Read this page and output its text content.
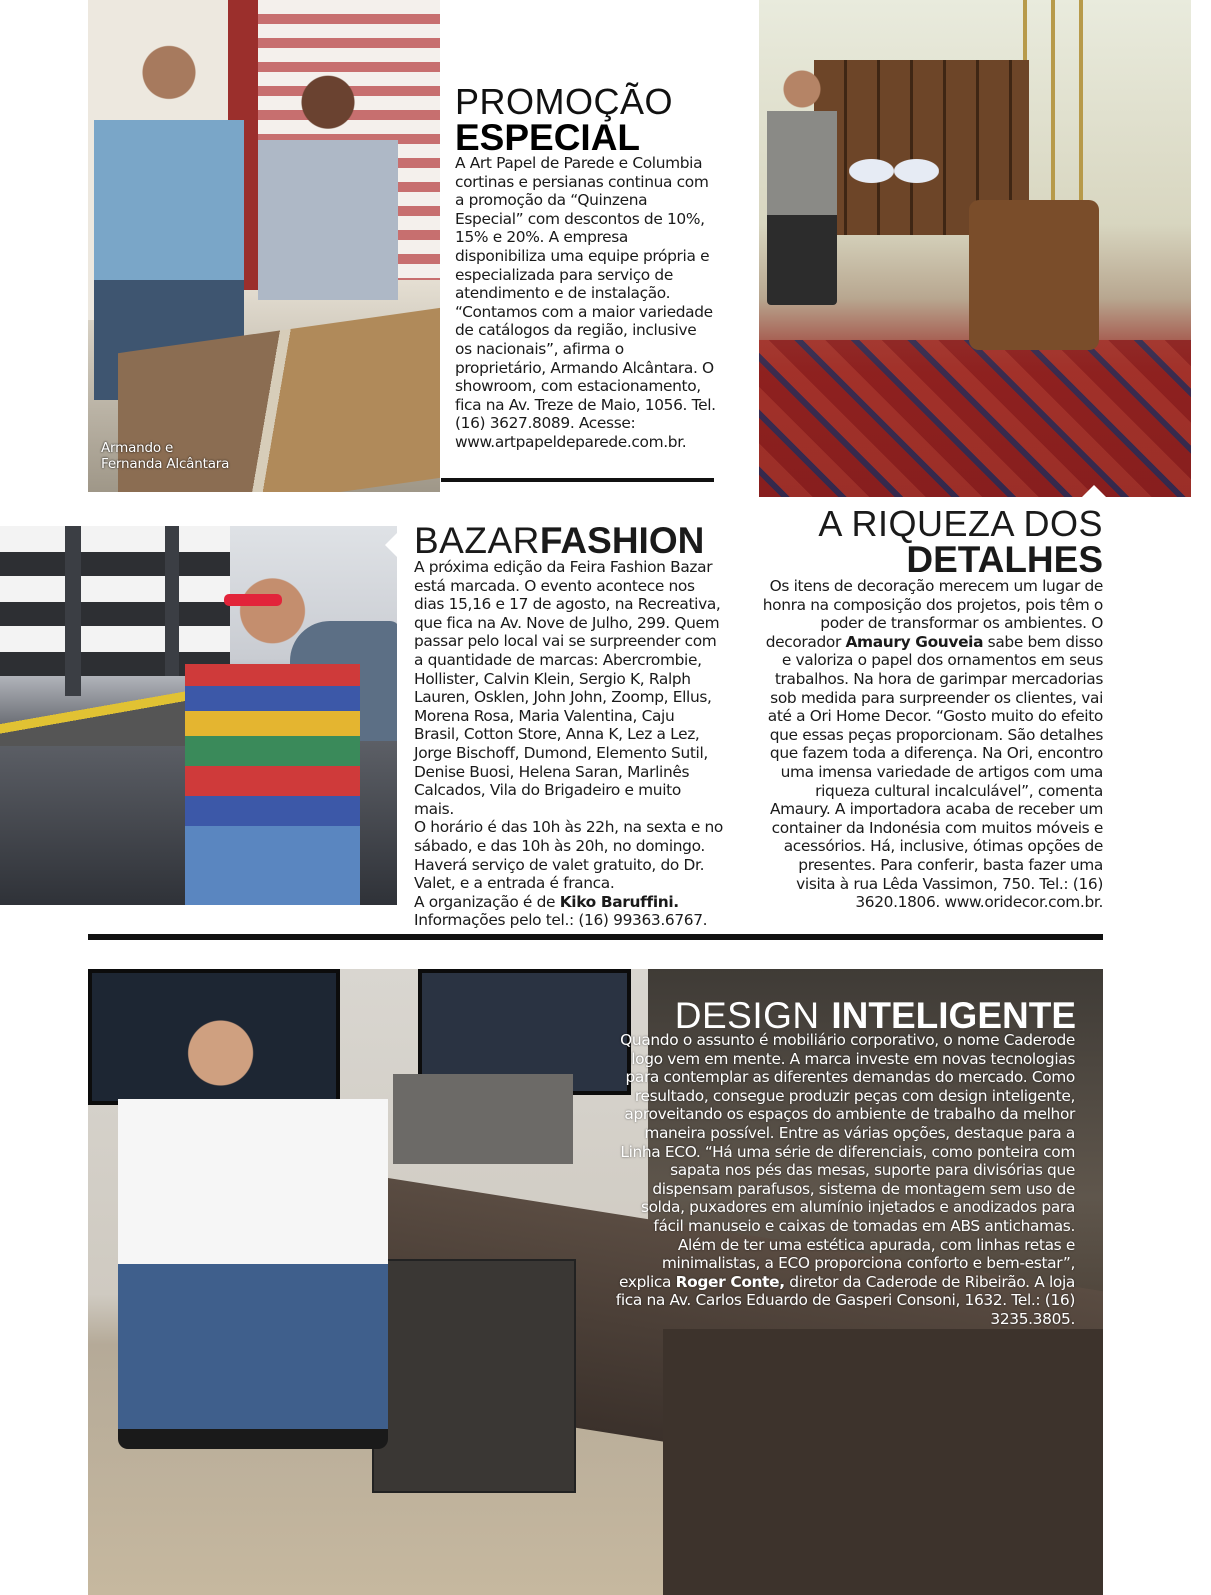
Armando e
Fernanda Alcântara
PROMOÇÃO
ESPECIAL
A Art Papel de Parede e Columbia cortinas e persianas continua com a promoção da “Quinzena Especial” com descontos de 10%, 15% e 20%. A empresa disponibiliza uma equipe própria e especializada para serviço de atendimento e de instalação. “Contamos com a maior variedade de catálogos da região, inclusive os nacionais”, afirma o proprietário, Armando Alcântara. O showroom, com estacionamento, fica na Av. Treze de Maio, 1056. Tel. (16) 3627.8089. Acesse: www.artpapeldeparede.com.br.
A RIQUEZA DOS
DETALHES
Os itens de decoração merecem um lugar de honra na composição dos projetos, pois têm o poder de transformar os ambientes. O decorador Amaury Gouveia sabe bem disso e valoriza o papel dos ornamentos em seus trabalhos. Na hora de garimpar mercadorias sob medida para surpreender os clientes, vai até a Ori Home Decor. “Gosto muito do efeito que essas peças proporcionam. São detalhes que fazem toda a diferença. Na Ori, encontro uma imensa variedade de artigos com uma riqueza cultural incalculável”, comenta Amaury. A importadora acaba de receber um container da Indonésia com muitos móveis e acessórios. Há, inclusive, ótimas opções de presentes. Para conferir, basta fazer uma visita à rua Lêda Vassimon, 750. Tel.: (16) 3620.1806. www.oridecor.com.br.
BAZARFASHION
A próxima edição da Feira Fashion Bazar está marcada. O evento acontece nos dias 15,16 e 17 de agosto, na Recreativa, que fica na Av. Nove de Julho, 299. Quem passar pelo local vai se surpreender com a quantidade de marcas: Abercrombie, Hollister, Calvin Klein, Sergio K, Ralph Lauren, Osklen, John John, Zoomp, Ellus, Morena Rosa, Maria Valentina, Caju Brasil, Cotton Store, Anna K, Lez a Lez, Jorge Bischoff, Dumond, Elemento Sutil, Denise Buosi, Helena Saran, Marlinês Calcados, Vila do Brigadeiro e muito mais.
O horário é das 10h às 22h, na sexta e no sábado, e das 10h às 20h, no domingo. Haverá serviço de valet gratuito, do Dr. Valet, e a entrada é franca.
A organização é de Kiko Baruffini.
Informações pelo tel.: (16) 99363.6767.
DESIGN INTELIGENTE
Quando o assunto é mobiliário corporativo, o nome Caderode logo vem em mente. A marca investe em novas tecnologias para contemplar as diferentes demandas do mercado. Como resultado, consegue produzir peças com design inteligente, aproveitando os espaços do ambiente de trabalho da melhor maneira possível. Entre as várias opções, destaque para a Linha ECO. “Há uma série de diferenciais, como ponteira com sapata nos pés das mesas, suporte para divisórias que dispensam parafusos, sistema de montagem sem uso de solda, puxadores em alumínio injetados e anodizados para fácil manuseio e caixas de tomadas em ABS antichamas. Além de ter uma estética apurada, com linhas retas e minimalistas, a ECO proporciona conforto e bem-estar”, explica Roger Conte, diretor da Caderode de Ribeirão. A loja fica na Av. Carlos Eduardo de Gasperi Consoni, 1632. Tel.: (16) 3235.3805.
